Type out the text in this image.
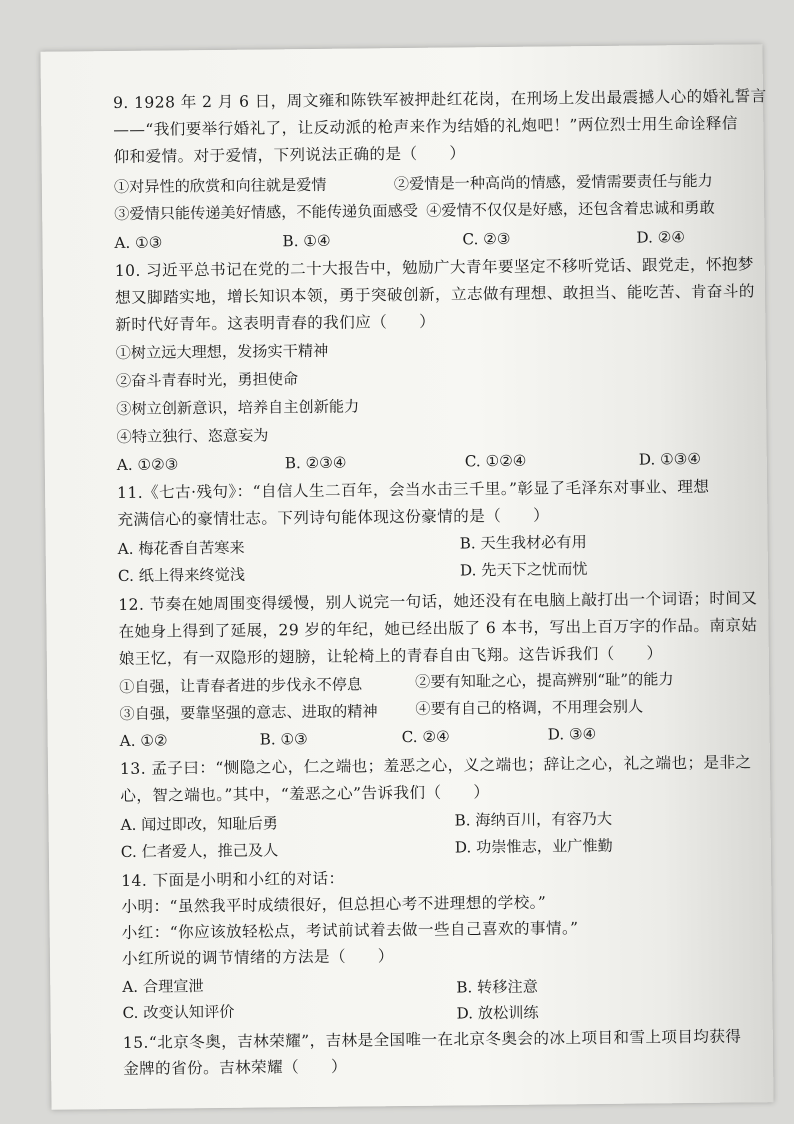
9. 1928 年 2 月 6 日，周文雍和陈铁军被押赴红花岗，在刑场上发出最震撼人心的婚礼誓言
——“我们要举行婚礼了，让反动派的枪声来作为结婚的礼炮吧！”两位烈士用生命诠释信
仰和爱情。对于爱情，下列说法正确的是（　　）
①对异性的欣赏和向往就是爱情	②爱情是一种高尚的情感，爱情需要责任与能力
③爱情只能传递美好情感，不能传递负面感受 ④爱情不仅仅是好感，还包含着忠诚和勇敢
A. ①③	B. ①④	C. ②③	D. ②④
10. 习近平总书记在党的二十大报告中，勉励广大青年要坚定不移听党话、跟党走，怀抱梦
想又脚踏实地，增长知识本领，勇于突破创新，立志做有理想、敢担当、能吃苦、肯奋斗的
新时代好青年。这表明青春的我们应（　　）
①树立远大理想，发扬实干精神
②奋斗青春时光，勇担使命
③树立创新意识，培养自主创新能力
④特立独行、恣意妄为
A. ①②③	B. ②③④	C. ①②④	D. ①③④
11.《七古·残句》：“自信人生二百年，会当水击三千里。”彰显了毛泽东对事业、理想
充满信心的豪情壮志。下列诗句能体现这份豪情的是（　　）
A. 梅花香自苦寒来	B. 天生我材必有用
C. 纸上得来终觉浅	D. 先天下之忧而忧
12. 节奏在她周围变得缓慢，别人说完一句话，她还没有在电脑上敲打出一个词语；时间又
在她身上得到了延展，29 岁的年纪，她已经出版了 6 本书，写出上百万字的作品。南京姑
娘王忆，有一双隐形的翅膀，让轮椅上的青春自由飞翔。这告诉我们（　　）
①自强，让青春者进的步伐永不停息	②要有知耻之心，提高辨别“耻”的能力
③自强，要靠坚强的意志、进取的精神 ④要有自己的格调，不用理会别人
A. ①②	B. ①③	C. ②④	D. ③④
13. 孟子曰：“恻隐之心，仁之端也；羞恶之心，义之端也；辞让之心，礼之端也；是非之
心，智之端也。”其中，“羞恶之心”告诉我们（　　）
A. 闻过即改，知耻后勇	B. 海纳百川，有容乃大
C. 仁者爱人，推己及人	D. 功崇惟志，业广惟勤
14. 下面是小明和小红的对话：
小明：“虽然我平时成绩很好，但总担心考不进理想的学校。”
小红：“你应该放轻松点，考试前试着去做一些自己喜欢的事情。”
小红所说的调节情绪的方法是（　　）
A. 合理宣泄	B. 转移注意
C. 改变认知评价	D. 放松训练
15.“北京冬奥，吉林荣耀”，吉林是全国唯一在北京冬奥会的冰上项目和雪上项目均获得
金牌的省份。吉林荣耀（　　）
